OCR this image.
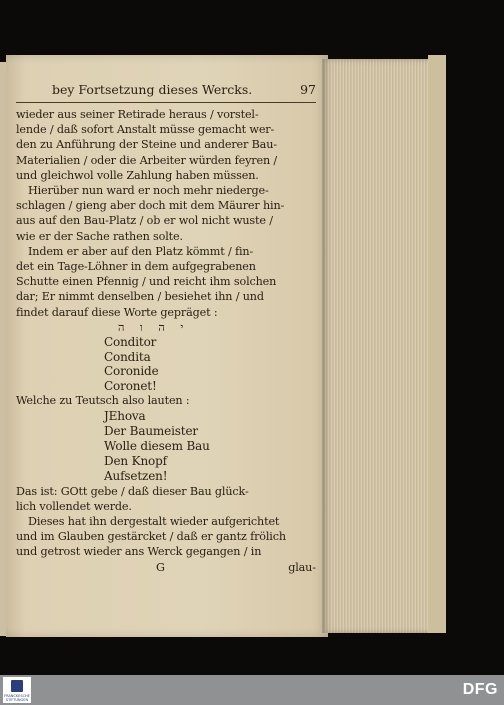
bey Fortsetzung dieses Wercks.	97
wieder aus seiner Retirade heraus / vorstel-
lende / daß sofort Anstalt müsse gemacht wer-
den zu Anführung der Steine und anderer Bau-
Materialien / oder die Arbeiter würden feyren /
und gleichwol volle Zahlung haben müssen.
Hierüber nun ward er noch mehr niederge-
schlagen / gieng aber doch mit dem Mäurer hin-
aus auf den Bau-Platz / ob er wol nicht wuste /
wie er der Sache rathen solte.
Indem er aber auf den Platz kömmt / fin-
det ein Tage-Löhner in dem aufgegrabenen
Schutte einen Pfennig / und reicht ihm solchen
dar; Er nimmt denselben / besiehet ihn / und
findet darauf diese Worte gepräget :
י ה ו ה
Conditor
Condita
Coronide
Coronet!
Welche zu Teutsch also lauten :
JEhova
Der Baumeister
Wolle diesem Bau
Den Knopf
Aufsetzen!
Das ist: GOtt gebe / daß dieser Bau glück-
lich vollendet werde.
Dieses hat ihn dergestalt wieder aufgerichtet
und im Glauben gestärcket / daß er gantz frölich
und getrost wieder ans Werck gegangen / in
G	glau-
FRANCKESCHE STIFTUNGEN
DFG
